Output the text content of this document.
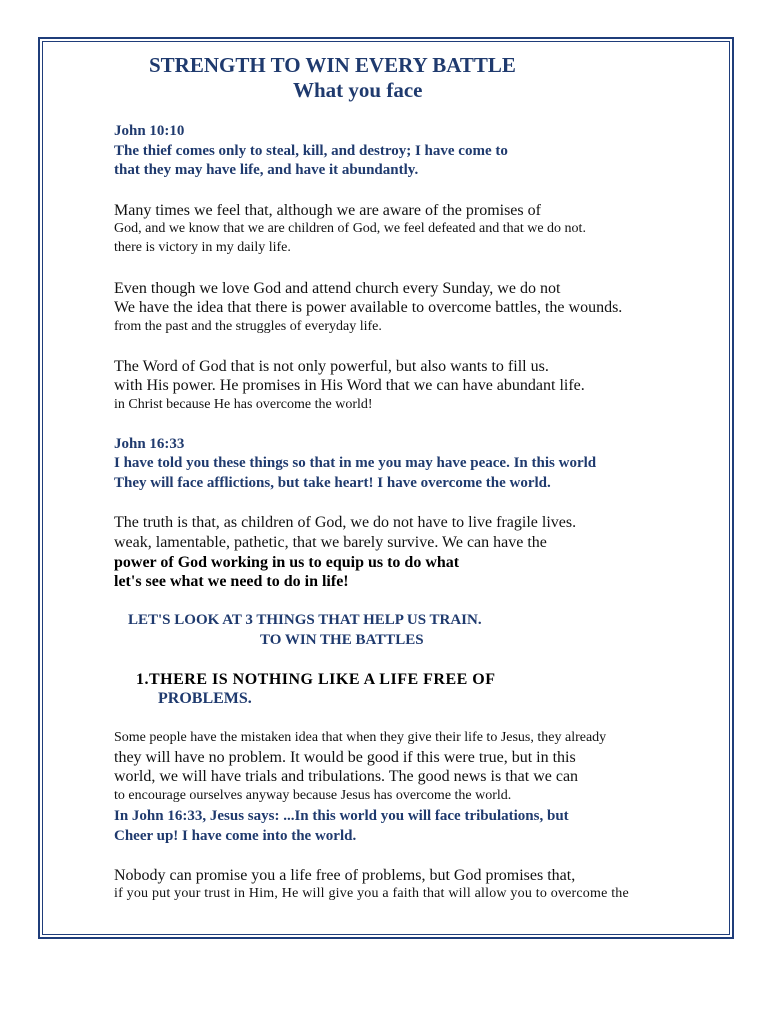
STRENGTH TO WIN EVERY BATTLE
What you face
John 10:10
The thief comes only to steal, kill, and destroy; I have come to
that they may have life, and have it abundantly.
Many times we feel that, although we are aware of the promises of
God, and we know that we are children of God, we feel defeated and that we do not.
there is victory in my daily life.
Even though we love God and attend church every Sunday, we do not
We have the idea that there is power available to overcome battles, the wounds.
from the past and the struggles of everyday life.
The Word of God that is not only powerful, but also wants to fill us.
with His power. He promises in His Word that we can have abundant life.
in Christ because He has overcome the world!
John 16:33
I have told you these things so that in me you may have peace. In this world
They will face afflictions, but take heart! I have overcome the world.
The truth is that, as children of God, we do not have to live fragile lives.
weak, lamentable, pathetic, that we barely survive. We can have the
power of God working in us to equip us to do what
let's see what we need to do in life!
LET'S LOOK AT 3 THINGS THAT HELP US TRAIN.
TO WIN THE BATTLES
1.THERE IS NOTHING LIKE A LIFE FREE OF
PROBLEMS.
Some people have the mistaken idea that when they give their life to Jesus, they already
they will have no problem. It would be good if this were true, but in this
world, we will have trials and tribulations. The good news is that we can
to encourage ourselves anyway because Jesus has overcome the world.
In John 16:33, Jesus says: ...In this world you will face tribulations, but
Cheer up! I have come into the world.
Nobody can promise you a life free of problems, but God promises that,
if you put your trust in Him, He will give you a faith that will allow you to overcome the
